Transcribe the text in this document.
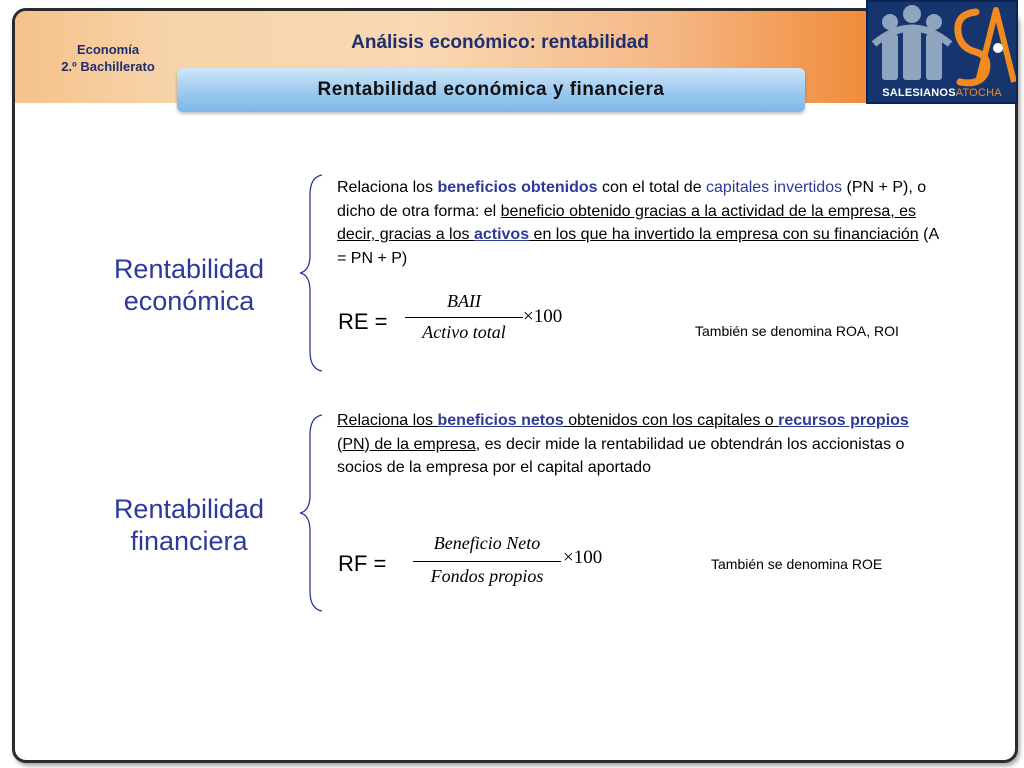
Economía
2.º Bachillerato
Análisis económico: rentabilidad
Rentabilidad económica y financiera
Rentabilidad
económica
Relaciona los beneficios obtenidos con el total de capitales invertidos (PN + P), o dicho de otra forma: el beneficio obtenido gracias a la actividad de la empresa, es decir, gracias a los activos en los que ha invertido la empresa con su financiación (A = PN + P)
RE =
BAII
Activo total
×100
También se denomina ROA, ROI
Rentabilidad
financiera
Relaciona los beneficios netos obtenidos con los capitales o recursos propios (PN) de la empresa, es decir mide la rentabilidad ue obtendrán los accionistas o socios de la empresa por el capital aportado
RF =
Beneficio Neto
Fondos propios
×100	También se denomina ROE
SALESIANOSATOCHA
